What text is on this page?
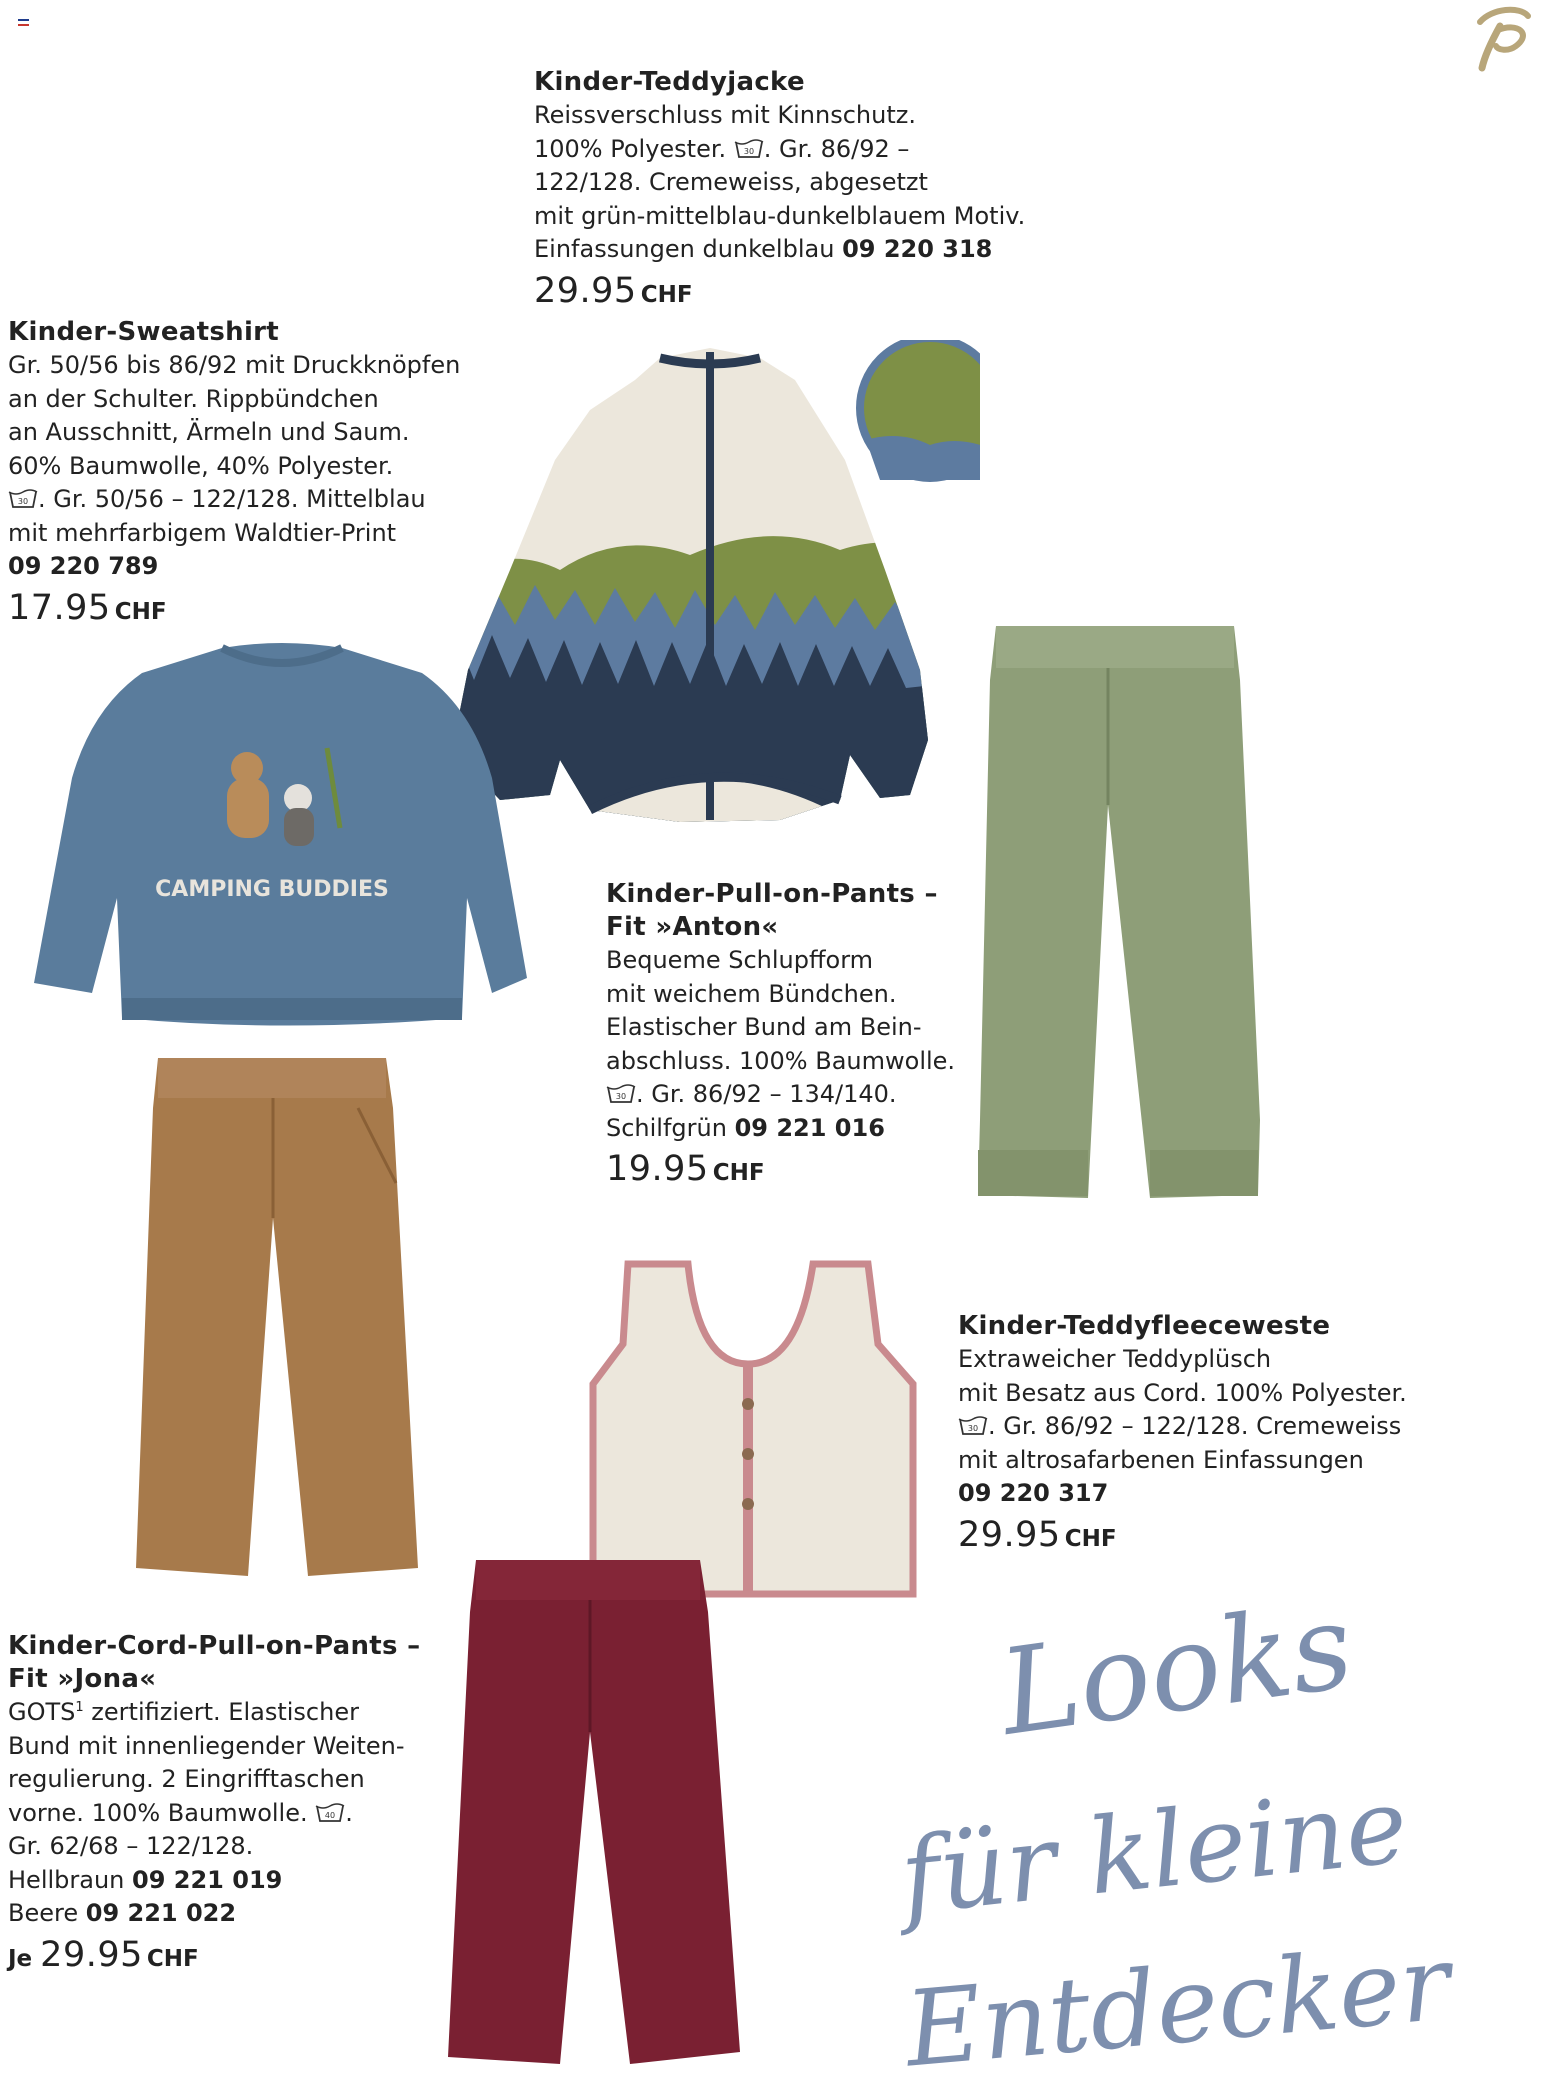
Kinder-Teddyjacke
Reissverschluss mit Kinnschutz.
100% Polyester. 30 . Gr. 86/92 –
122/128. Cremeweiss, abgesetzt
mit grün-mittelblau-dunkelblauem Motiv.
Einfassungen dunkelblau 09 220 318
29.95 CHF
Kinder-Sweatshirt
Gr. 50/56 bis 86/92 mit Druckknöpfen
an der Schulter. Rippbündchen
an Ausschnitt, Ärmeln und Saum.
60% Baumwolle, 40% Polyester.
30 . Gr. 50/56 – 122/128. Mittelblau
mit mehrfarbigem Waldtier-Print
09 220 789
17.95 CHF
Kinder-Pull-on-Pants –
Fit »Anton«
Bequeme Schlupfform
mit weichem Bündchen.
Elastischer Bund am Bein-
abschluss. 100% Baumwolle.
30 . Gr. 86/92 – 134/140.
Schilfgrün 09 221 016
19.95 CHF
Kinder-Teddyfleeceweste
Extraweicher Teddyplüsch
mit Besatz aus Cord. 100% Polyester.
30 . Gr. 86/92 – 122/128. Cremeweiss
mit altrosafarbenen Einfassungen
09 220 317
29.95 CHF
Kinder-Cord-Pull-on-Pants –
Fit »Jona«
GOTS$^1$ zertifiziert. Elastischer
Bund mit innenliegender Weiten-
regulierung. 2 Eingrifftaschen
vorne. 100% Baumwolle. 40 .
Gr. 62/68 – 122/128.
Hellbraun 09 221 019
Beere 09 221 022
Je 29.95 CHF
CAMPING BUDDIES
Looks
für kleine
Entdecker
